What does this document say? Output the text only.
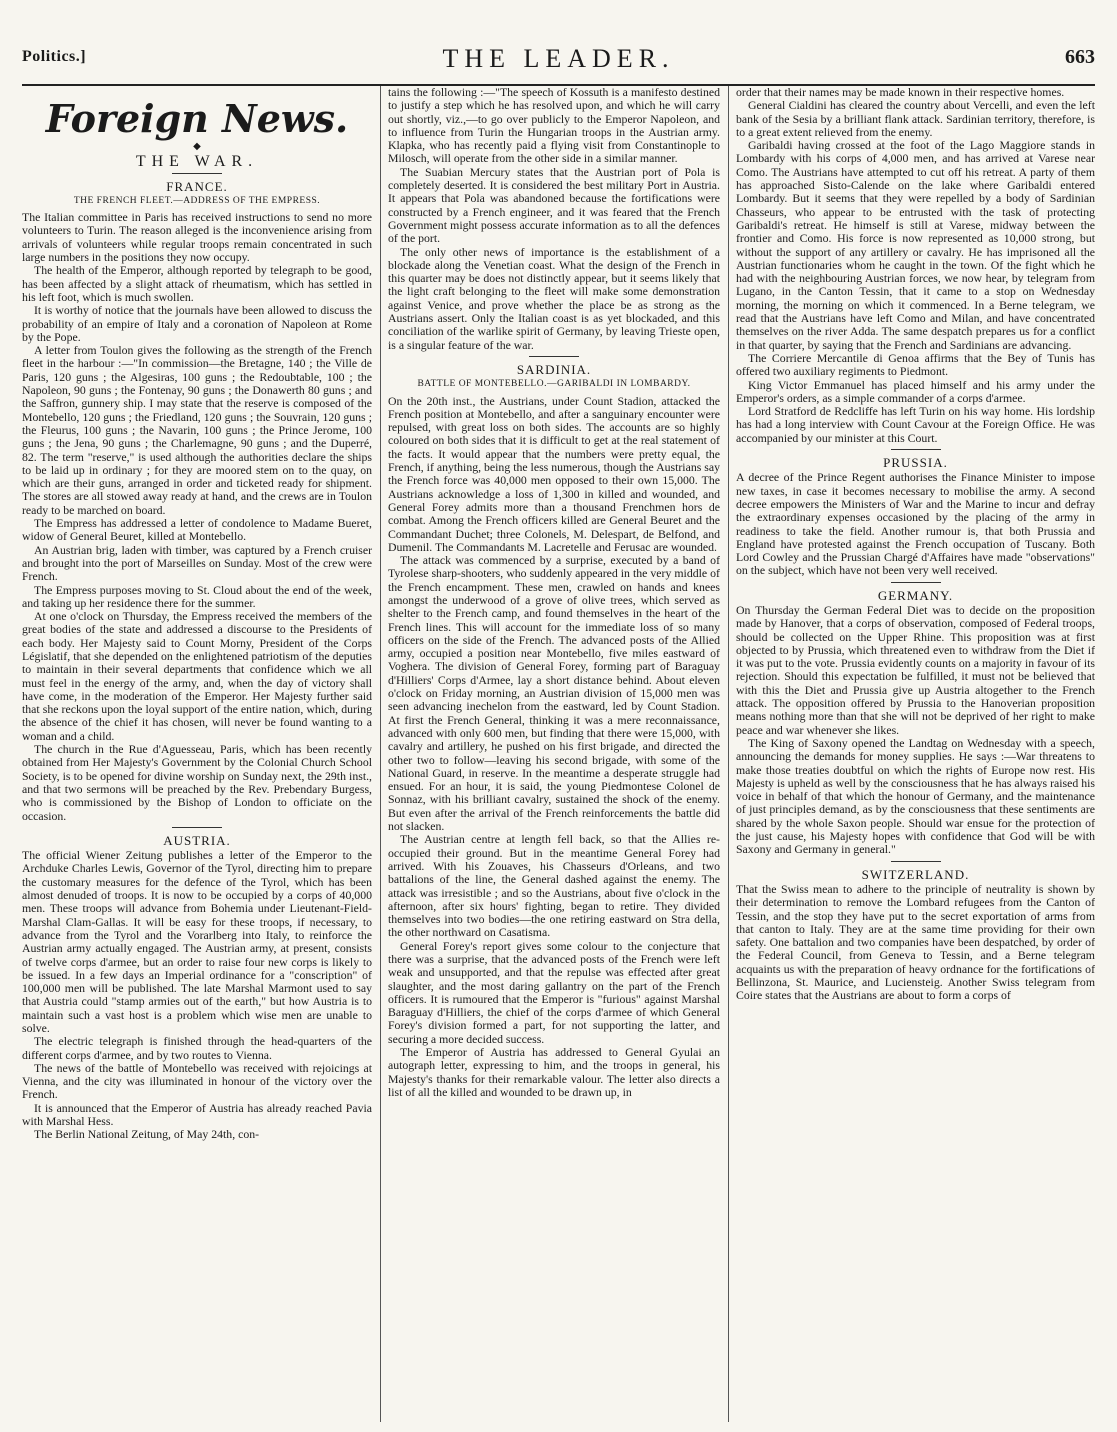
Politics.]	THE LEADER.	663
Foreign News.
◆
THE WAR.
FRANCE.
THE FRENCH FLEET.—ADDRESS OF THE EMPRESS.

The Italian committee in Paris has received instructions to send no more volunteers to Turin. The reason alleged is the inconvenience arising from arrivals of volunteers while regular troops remain concentrated in such large numbers in the positions they now occupy.

The health of the Emperor, although reported by telegraph to be good, has been affected by a slight attack of rheumatism, which has settled in his left foot, which is much swollen.

It is worthy of notice that the journals have been allowed to discuss the probability of an empire of Italy and a coronation of Napoleon at Rome by the Pope.

A letter from Toulon gives the following as the strength of the French fleet in the harbour :—"In commission—the Bretagne, 140 ; the Ville de Paris, 120 guns ; the Algesiras, 100 guns ; the Redoubtable, 100 ; the Napoleon, 90 guns ; the Fontenay, 90 guns ; the Donawerth 80 guns ; and the Saffron, gunnery ship. I may state that the reserve is composed of the Montebello, 120 guns ; the Friedland, 120 guns ; the Souvrain, 120 guns ; the Fleurus, 100 guns ; the Navarin, 100 guns ; the Prince Jerome, 100 guns ; the Jena, 90 guns ; the Charlemagne, 90 guns ; and the Duperré, 82. The term "reserve," is used although the authorities declare the ships to be laid up in ordinary ; for they are moored stem on to the quay, on which are their guns, arranged in order and ticketed ready for shipment. The stores are all stowed away ready at hand, and the crews are in Toulon ready to be marched on board.

The Empress has addressed a letter of condolence to Madame Bueret, widow of General Beuret, killed at Montebello.

An Austrian brig, laden with timber, was captured by a French cruiser and brought into the port of Marseilles on Sunday. Most of the crew were French.

The Empress purposes moving to St. Cloud about the end of the week, and taking up her residence there for the summer.

At one o'clock on Thursday, the Empress received the members of the great bodies of the state and addressed a discourse to the Presidents of each body. Her Majesty said to Count Morny, President of the Corps Législatif, that she depended on the enlightened patriotism of the deputies to maintain in their several departments that confidence which we all must feel in the energy of the army, and, when the day of victory shall have come, in the moderation of the Emperor. Her Majesty further said that she reckons upon the loyal support of the entire nation, which, during the absence of the chief it has chosen, will never be found wanting to a woman and a child.

The church in the Rue d'Aguesseau, Paris, which has been recently obtained from Her Majesty's Government by the Colonial Church School Society, is to be opened for divine worship on Sunday next, the 29th inst., and that two sermons will be preached by the Rev. Prebendary Burgess, who is commissioned by the Bishop of London to officiate on the occasion.

AUSTRIA.

The official Wiener Zeitung publishes a letter of the Emperor to the Archduke Charles Lewis, Governor of the Tyrol, directing him to prepare the customary measures for the defence of the Tyrol, which has been almost denuded of troops. It is now to be occupied by a corps of 40,000 men. These troops will advance from Bohemia under Lieutenant-Field-Marshal Clam-Gallas. It will be easy for these troops, if necessary, to advance from the Tyrol and the Vorarlberg into Italy, to reinforce the Austrian army actually engaged. The Austrian army, at present, consists of twelve corps d'armee, but an order to raise four new corps is likely to be issued. In a few days an Imperial ordinance for a "conscription" of 100,000 men will be published. The late Marshal Marmont used to say that Austria could "stamp armies out of the earth," but how Austria is to maintain such a vast host is a problem which wise men are unable to solve.

The electric telegraph is finished through the head-quarters of the different corps d'armee, and by two routes to Vienna.

The news of the battle of Montebello was received with rejoicings at Vienna, and the city was illuminated in honour of the victory over the French.

It is announced that the Emperor of Austria has already reached Pavia with Marshal Hess.

The Berlin National Zeitung, of May 24th, con-

tains the following :—"The speech of Kossuth is a manifesto destined to justify a step which he has resolved upon, and which he will carry out shortly, viz.,—to go over publicly to the Emperor Napoleon, and to influence from Turin the Hungarian troops in the Austrian army. Klapka, who has recently paid a flying visit from Constantinople to Milosch, will operate from the other side in a similar manner.

The Suabian Mercury states that the Austrian port of Pola is completely deserted. It is considered the best military Port in Austria. It appears that Pola was abandoned because the fortifications were constructed by a French engineer, and it was feared that the French Government might possess accurate information as to all the defences of the port.

The only other news of importance is the establishment of a blockade along the Venetian coast. What the design of the French in this quarter may be does not distinctly appear, but it seems likely that the light craft belonging to the fleet will make some demonstration against Venice, and prove whether the place be as strong as the Austrians assert. Only the Italian coast is as yet blockaded, and this conciliation of the warlike spirit of Germany, by leaving Trieste open, is a singular feature of the war.

SARDINIA.
BATTLE OF MONTEBELLO.—GARIBALDI IN LOMBARDY.

On the 20th inst., the Austrians, under Count Stadion, attacked the French position at Montebello, and after a sanguinary encounter were repulsed, with great loss on both sides. The accounts are so highly coloured on both sides that it is difficult to get at the real statement of the facts. It would appear that the numbers were pretty equal, the French, if anything, being the less numerous, though the Austrians say the French force was 40,000 men opposed to their own 15,000. The Austrians acknowledge a loss of 1,300 in killed and wounded, and General Forey admits more than a thousand Frenchmen hors de combat. Among the French officers killed are General Beuret and the Commandant Duchet; three Colonels, M. Delespart, de Belfond, and Dumenil. The Commandants M. Lacretelle and Ferusac are wounded.

The attack was commenced by a surprise, executed by a band of Tyrolese sharp-shooters, who suddenly appeared in the very middle of the French encampment. These men, crawled on hands and knees amongst the underwood of a grove of olive trees, which served as shelter to the French camp, and found themselves in the heart of the French lines. This will account for the immediate loss of so many officers on the side of the French. The advanced posts of the Allied army, occupied a position near Montebello, five miles eastward of Voghera. The division of General Forey, forming part of Baraguay d'Hilliers' Corps d'Armee, lay a short distance behind. About eleven o'clock on Friday morning, an Austrian division of 15,000 men was seen advancing inechelon from the eastward, led by Count Stadion. At first the French General, thinking it was a mere reconnaissance, advanced with only 600 men, but finding that there were 15,000, with cavalry and artillery, he pushed on his first brigade, and directed the other two to follow—leaving his second brigade, with some of the National Guard, in reserve. In the meantime a desperate struggle had ensued. For an hour, it is said, the young Piedmontese Colonel de Sonnaz, with his brilliant cavalry, sustained the shock of the enemy. But even after the arrival of the French reinforcements the battle did not slacken.

The Austrian centre at length fell back, so that the Allies re-occupied their ground. But in the meantime General Forey had arrived. With his Zouaves, his Chasseurs d'Orleans, and two battalions of the line, the General dashed against the enemy. The attack was irresistible ; and so the Austrians, about five o'clock in the afternoon, after six hours' fighting, began to retire. They divided themselves into two bodies—the one retiring eastward on Stra della, the other northward on Casatisma.

General Forey's report gives some colour to the conjecture that there was a surprise, that the advanced posts of the French were left weak and unsupported, and that the repulse was effected after great slaughter, and the most daring gallantry on the part of the French officers. It is rumoured that the Emperor is "furious" against Marshal Baraguay d'Hilliers, the chief of the corps d'armee of which General Forey's division formed a part, for not supporting the latter, and securing a more decided success.

The Emperor of Austria has addressed to General Gyulai an autograph letter, expressing to him, and the troops in general, his Majesty's thanks for their remarkable valour. The letter also directs a list of all the killed and wounded to be drawn up, in

order that their names may be made known in their respective homes.

General Cialdini has cleared the country about Vercelli, and even the left bank of the Sesia by a brilliant flank attack. Sardinian territory, therefore, is to a great extent relieved from the enemy.

Garibaldi having crossed at the foot of the Lago Maggiore stands in Lombardy with his corps of 4,000 men, and has arrived at Varese near Como. The Austrians have attempted to cut off his retreat. A party of them has approached Sisto-Calende on the lake where Garibaldi entered Lombardy. But it seems that they were repelled by a body of Sardinian Chasseurs, who appear to be entrusted with the task of protecting Garibaldi's retreat. He himself is still at Varese, midway between the frontier and Como. His force is now represented as 10,000 strong, but without the support of any artillery or cavalry. He has imprisoned all the Austrian functionaries whom he caught in the town. Of the fight which he had with the neighbouring Austrian forces, we now hear, by telegram from Lugano, in the Canton Tessin, that it came to a stop on Wednesday morning, the morning on which it commenced. In a Berne telegram, we read that the Austrians have left Como and Milan, and have concentrated themselves on the river Adda. The same despatch prepares us for a conflict in that quarter, by saying that the French and Sardinians are advancing.

The Corriere Mercantile di Genoa affirms that the Bey of Tunis has offered two auxiliary regiments to Piedmont.

King Victor Emmanuel has placed himself and his army under the Emperor's orders, as a simple commander of a corps d'armee.

Lord Stratford de Redcliffe has left Turin on his way home. His lordship has had a long interview with Count Cavour at the Foreign Office. He was accompanied by our minister at this Court.

PRUSSIA.

A decree of the Prince Regent authorises the Finance Minister to impose new taxes, in case it becomes necessary to mobilise the army. A second decree empowers the Ministers of War and the Marine to incur and defray the extraordinary expenses occasioned by the placing of the army in readiness to take the field. Another rumour is, that both Prussia and England have protested against the French occupation of Tuscany. Both Lord Cowley and the Prussian Chargé d'Affaires have made "observations" on the subject, which have not been very well received.

GERMANY.

On Thursday the German Federal Diet was to decide on the proposition made by Hanover, that a corps of observation, composed of Federal troops, should be collected on the Upper Rhine. This proposition was at first objected to by Prussia, which threatened even to withdraw from the Diet if it was put to the vote. Prussia evidently counts on a majority in favour of its rejection. Should this expectation be fulfilled, it must not be believed that with this the Diet and Prussia give up Austria altogether to the French attack. The opposition offered by Prussia to the Hanoverian proposition means nothing more than that she will not be deprived of her right to make peace and war whenever she likes.

The King of Saxony opened the Landtag on Wednesday with a speech, announcing the demands for money supplies. He says :—War threatens to make those treaties doubtful on which the rights of Europe now rest. His Majesty is upheld as well by the consciousness that he has always raised his voice in behalf of that which the honour of Germany, and the maintenance of just principles demand, as by the consciousness that these sentiments are shared by the whole Saxon people. Should war ensue for the protection of the just cause, his Majesty hopes with confidence that God will be with Saxony and Germany in general."

SWITZERLAND.

That the Swiss mean to adhere to the principle of neutrality is shown by their determination to remove the Lombard refugees from the Canton of Tessin, and the stop they have put to the secret exportation of arms from that canton to Italy. They are at the same time providing for their own safety. One battalion and two companies have been despatched, by order of the Federal Council, from Geneva to Tessin, and a Berne telegram acquaints us with the preparation of heavy ordnance for the fortifications of Bellinzona, St. Maurice, and Luciensteig. Another Swiss telegram from Coire states that the Austrians are about to form a corps of
